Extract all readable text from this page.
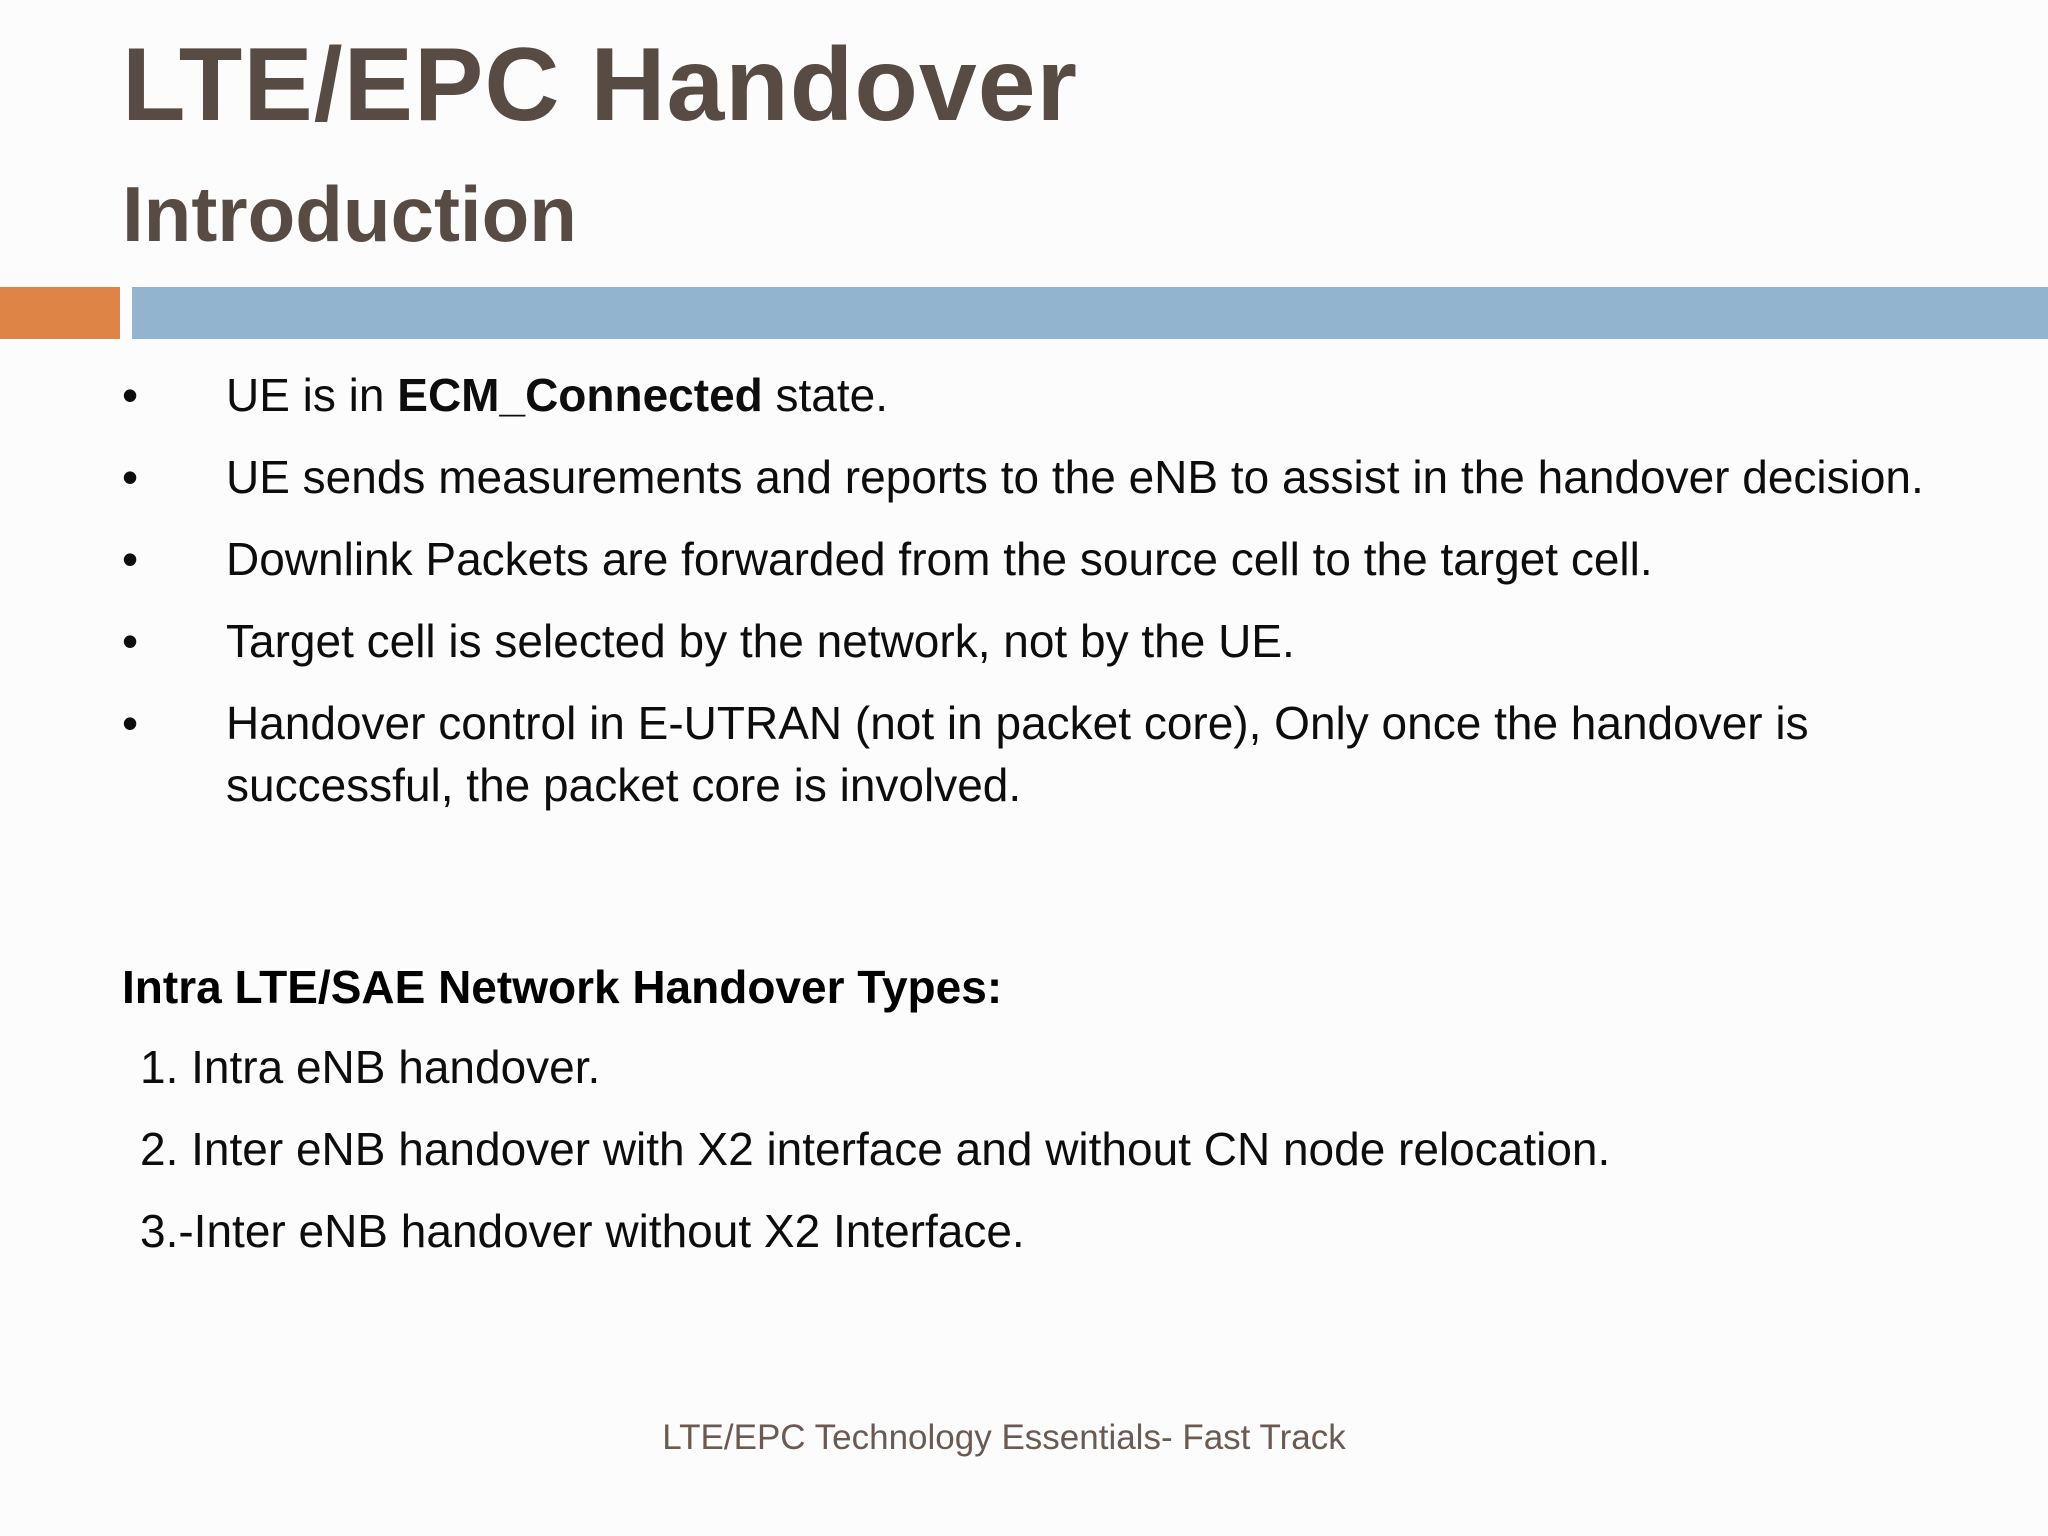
LTE/EPC Handover
Introduction
•	UE is in ECM_Connected state.
•	UE sends measurements and reports to the eNB to assist in the handover decision.
•	Downlink Packets are forwarded from the source cell to the target cell.
•	Target cell is selected by the network, not by the UE.
•	Handover control in E-UTRAN (not in packet core), Only once the handover is successful, the packet core is involved.
Intra LTE/SAE Network Handover Types:
1. Intra eNB handover.
2. Inter eNB handover with X2 interface and without CN node relocation.
3.-Inter eNB handover without X2 Interface.
LTE/EPC Technology Essentials- Fast Track
